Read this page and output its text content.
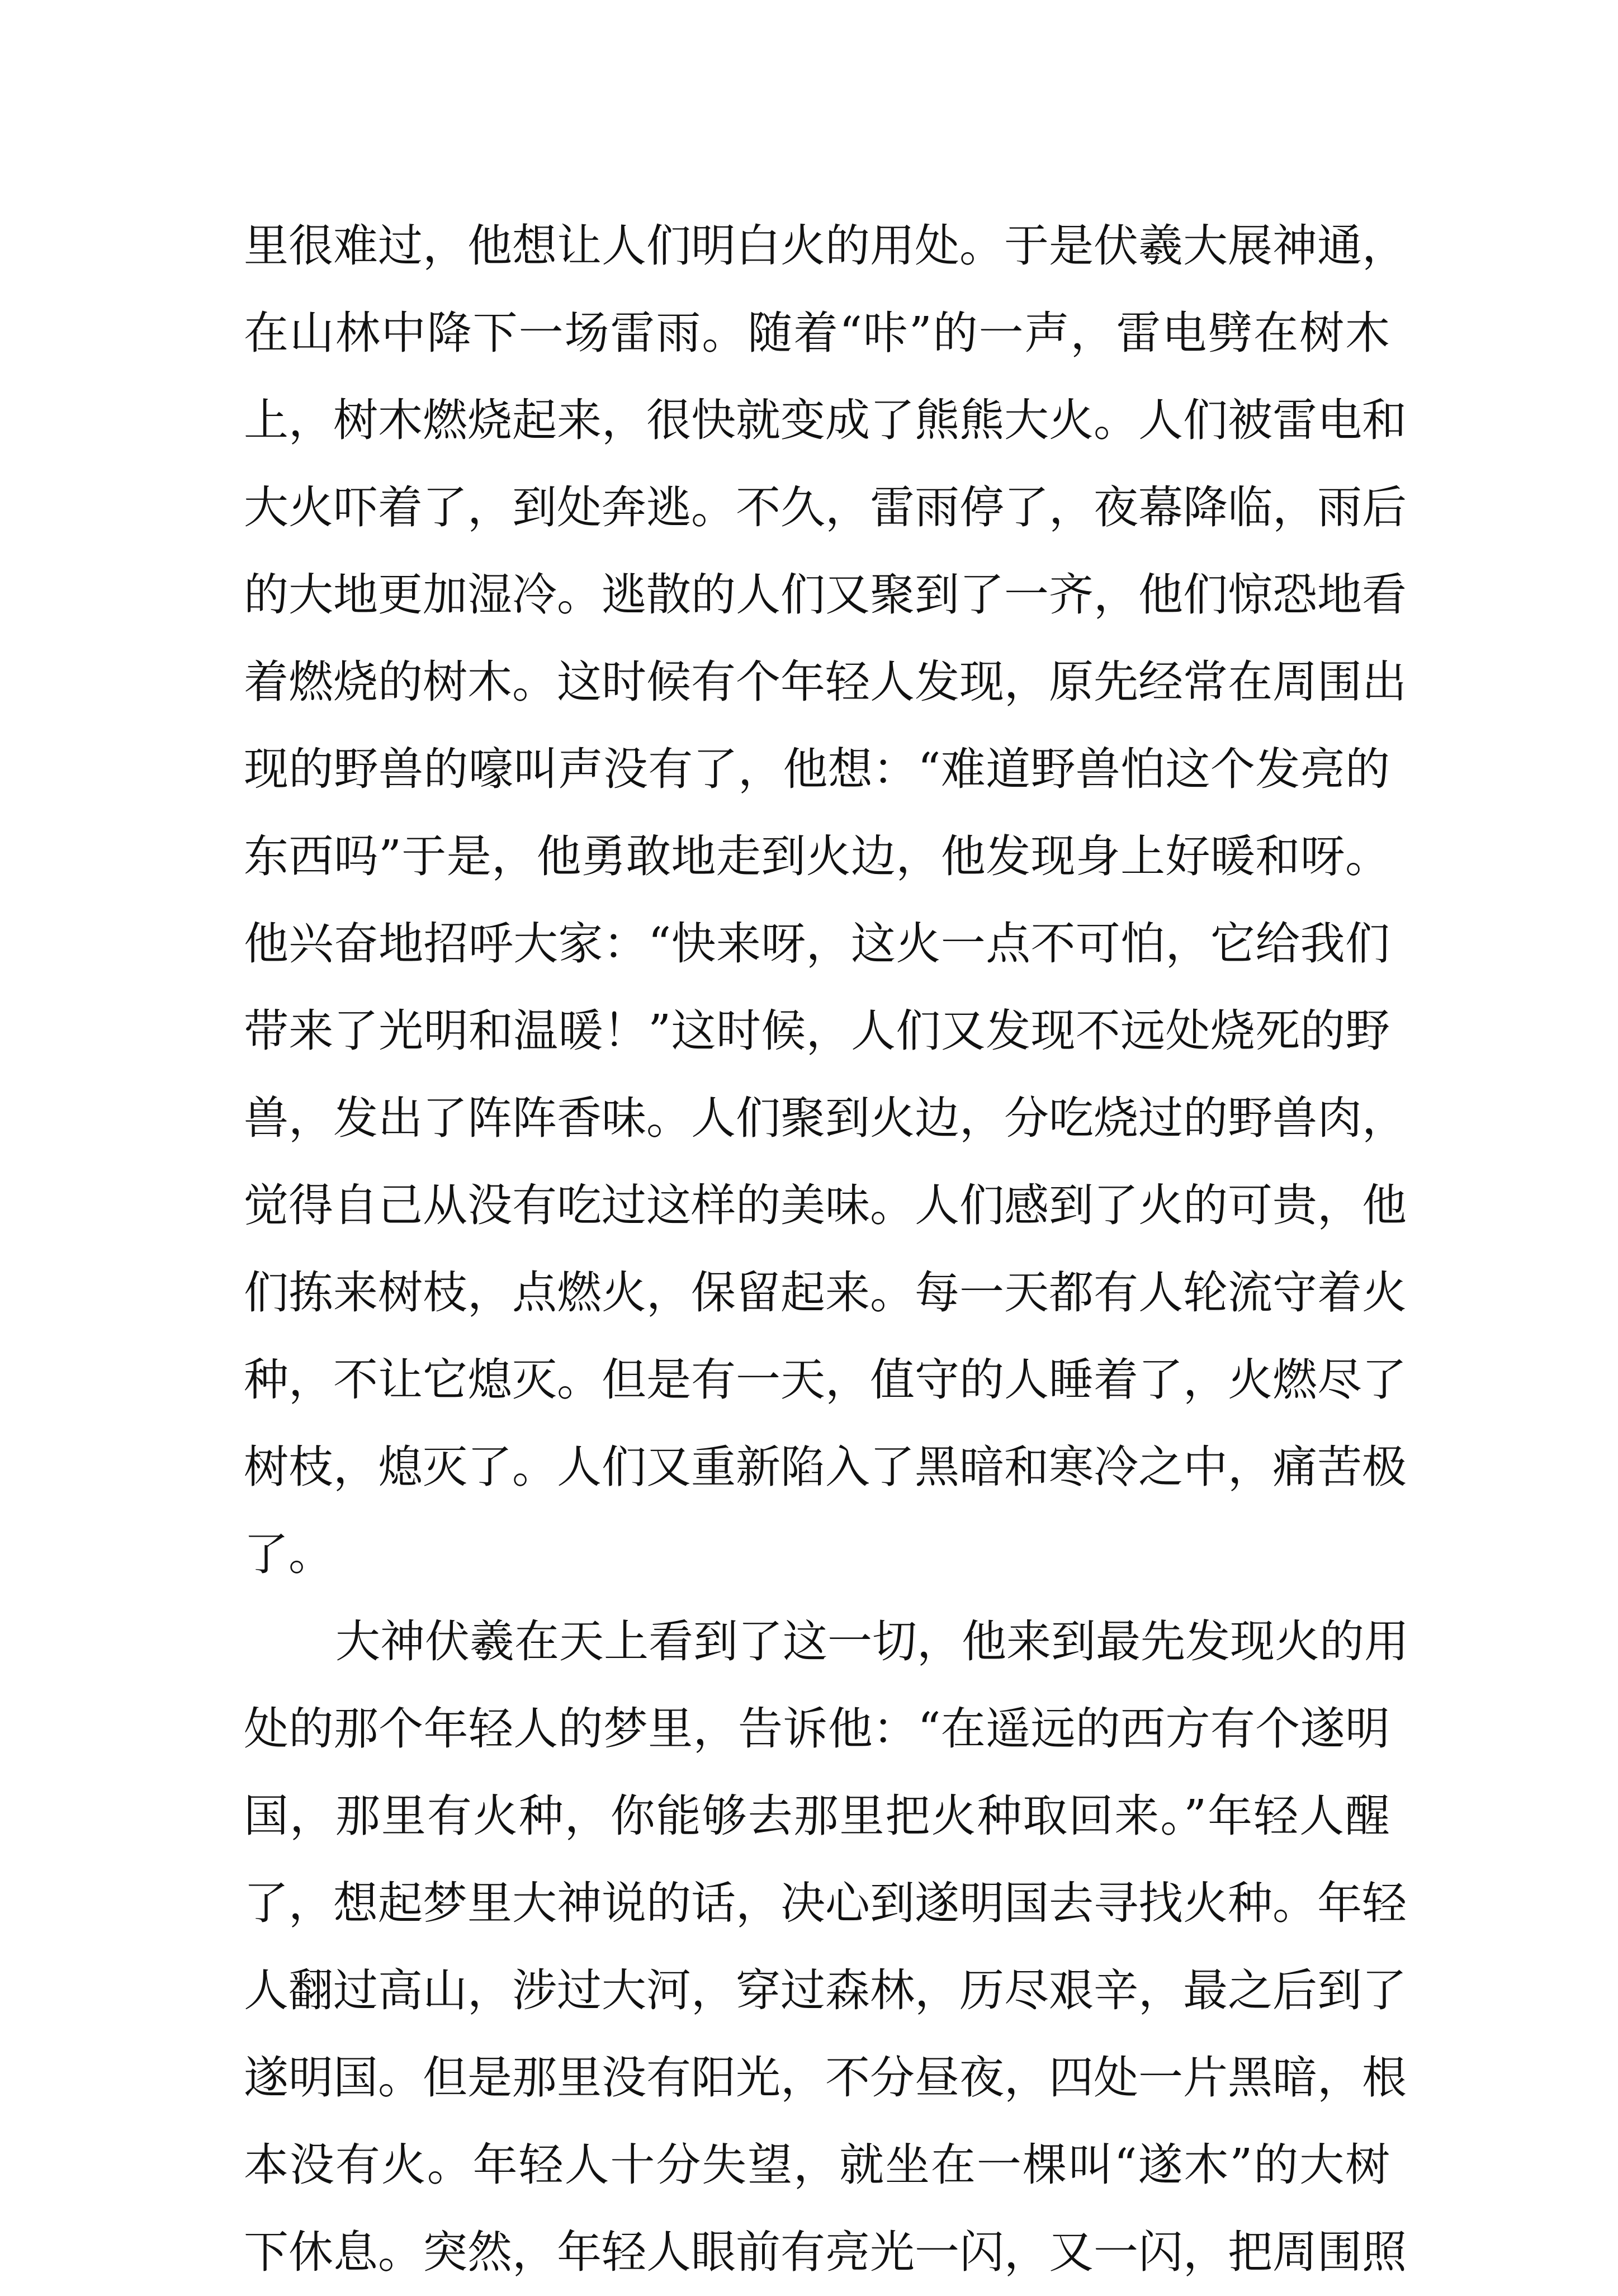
里很难过，他想让人们明白火的用处。于是伏羲大展神通，
在山林中降下一场雷雨。随着“咔”的一声，雷电劈在树木
上，树木燃烧起来，很快就变成了熊熊大火。人们被雷电和
大火吓着了，到处奔逃。不久，雷雨停了，夜幕降临，雨后
的大地更加湿冷。逃散的人们又聚到了一齐，他们惊恐地看
着燃烧的树木。这时候有个年轻人发现，原先经常在周围出
现的野兽的嚎叫声没有了，他想：“难道野兽怕这个发亮的
东西吗”于是，他勇敢地走到火边，他发现身上好暖和呀。
他兴奋地招呼大家：“快来呀，这火一点不可怕，它给我们
带来了光明和温暖！”这时候，人们又发现不远处烧死的野
兽，发出了阵阵香味。人们聚到火边，分吃烧过的野兽肉，
觉得自己从没有吃过这样的美味。人们感到了火的可贵，他
们拣来树枝，点燃火，保留起来。每一天都有人轮流守着火
种，不让它熄灭。但是有一天，值守的人睡着了，火燃尽了
树枝，熄灭了。人们又重新陷入了黑暗和寒冷之中，痛苦极
了。
大神伏羲在天上看到了这一切，他来到最先发现火的用
处的那个年轻人的梦里，告诉他：“在遥远的西方有个遂明
国，那里有火种，你能够去那里把火种取回来。”年轻人醒
了，想起梦里大神说的话，决心到遂明国去寻找火种。年轻
人翻过高山，涉过大河，穿过森林，历尽艰辛，最之后到了
遂明国。但是那里没有阳光，不分昼夜，四处一片黑暗，根
本没有火。年轻人十分失望，就坐在一棵叫“遂木”的大树
下休息。突然，年轻人眼前有亮光一闪，又一闪，把周围照
